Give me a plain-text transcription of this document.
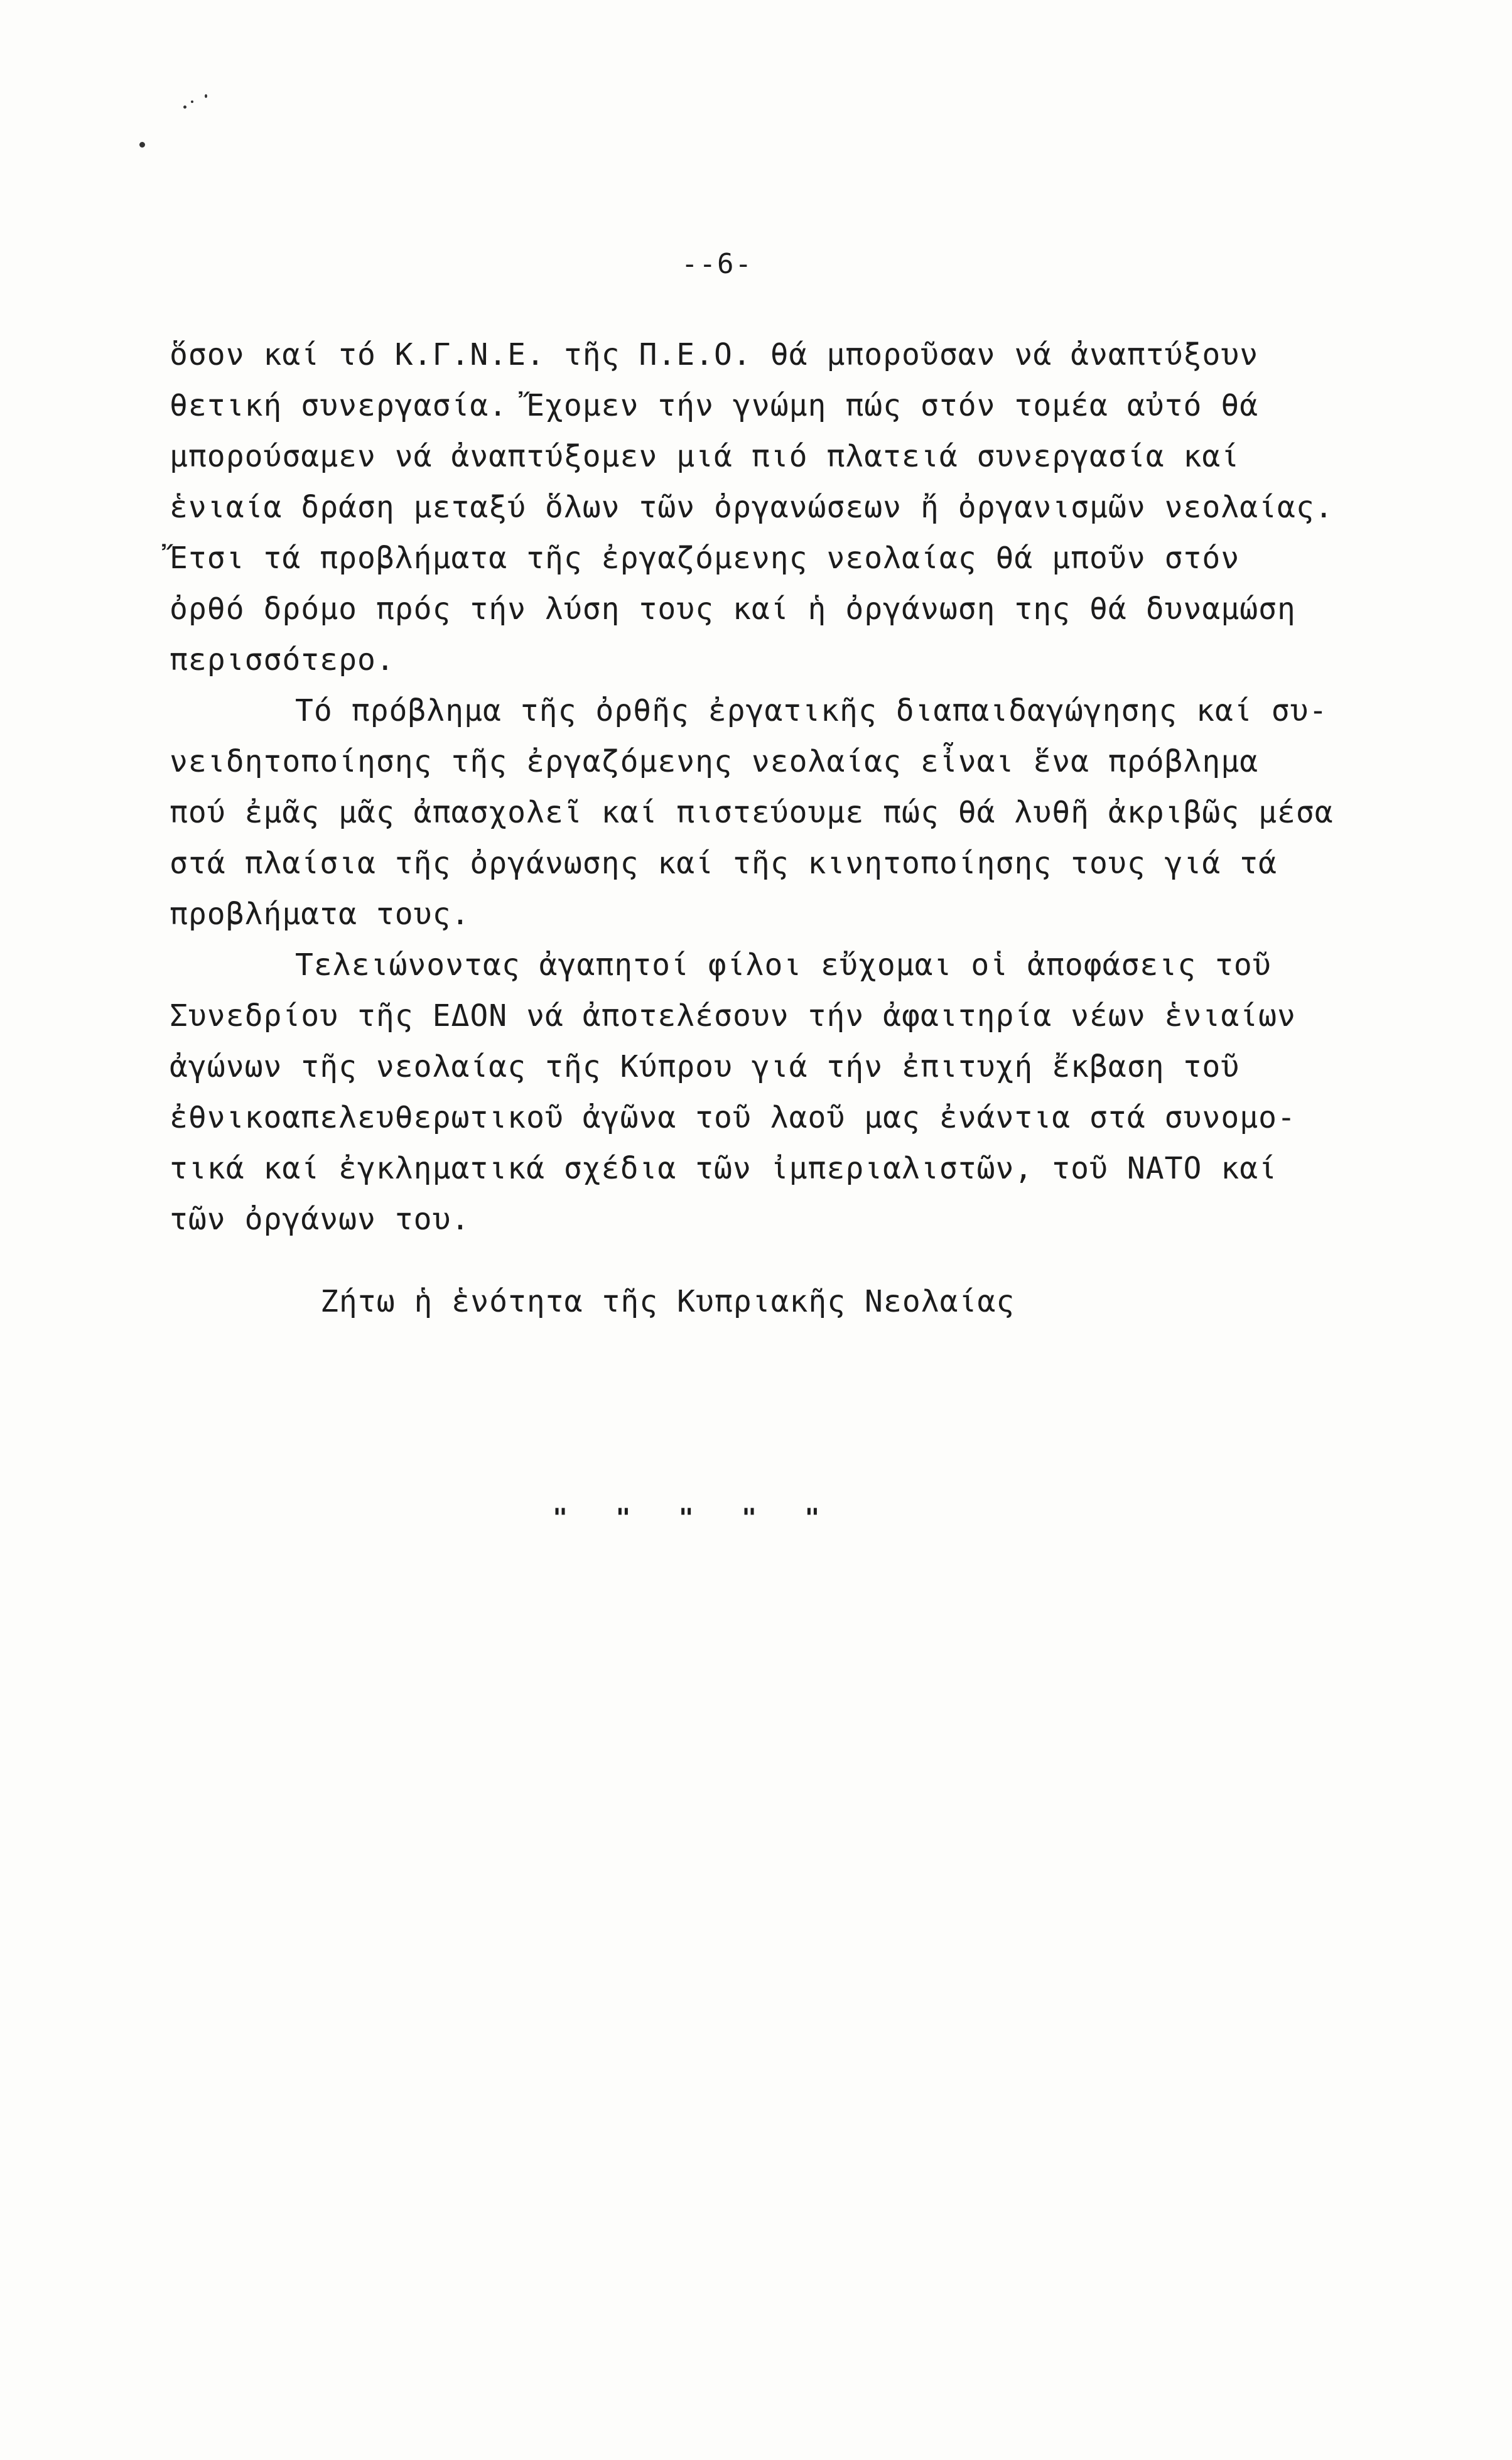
--6-
ὅσον καί τό Κ.Γ.Ν.Ε. τῆς Π.Ε.Ο. θά μποροῦσαν νά ἀναπτύξουν
θετική συνεργασία. Ἔχομεν τήν γνώμη πώς στόν τομέα αὐτό θά
μπορούσαμεν νά ἀναπτύξομεν μιά πιό πλατειά συνεργασία καί
ἑνιαία δράση μεταξύ ὅλων τῶν ὀργανώσεων ἤ ὀργανισμῶν νεολαίας.
Ἔτσι τά προβλήματα τῆς ἐργαζόμενης νεολαίας θά μποῦν στόν
ὀρθό δρόμο πρός τήν λύση τους καί ἡ ὀργάνωση της θά δυναμώση
περισσότερο.
Τό πρόβλημα τῆς ὀρθῆς ἐργατικῆς διαπαιδαγώγησης καί συ-
νειδητοποίησης τῆς ἐργαζόμενης νεολαίας εἶναι ἕνα πρόβλημα
πού ἐμᾶς μᾶς ἀπασχολεῖ καί πιστεύουμε πώς θά λυθῆ ἀκριβῶς μέσα
στά πλαίσια τῆς ὀργάνωσης καί τῆς κινητοποίησης τους γιά τά
προβλήματα τους.
Τελειώνοντας ἀγαπητοί φίλοι εὔχομαι οἱ ἀποφάσεις τοῦ
Συνεδρίου τῆς ΕΔΟΝ νά ἀποτελέσουν τήν ἀφαιτηρία νέων ἑνιαίων
ἀγώνων τῆς νεολαίας τῆς Κύπρου γιά τήν ἐπιτυχή ἔκβαση τοῦ
ἐθνικοαπελευθερωτικοῦ ἀγῶνα τοῦ λαοῦ μας ἐνάντια στά συνομο-
τικά καί ἐγκληματικά σχέδια τῶν ἰμπεριαλιστῶν, τοῦ ΝΑΤΟ καί
τῶν ὀργάνων του.
Ζήτω ἡ ἑνότητα τῆς Κυπριακῆς Νεολαίας
"   "   "   "   "
